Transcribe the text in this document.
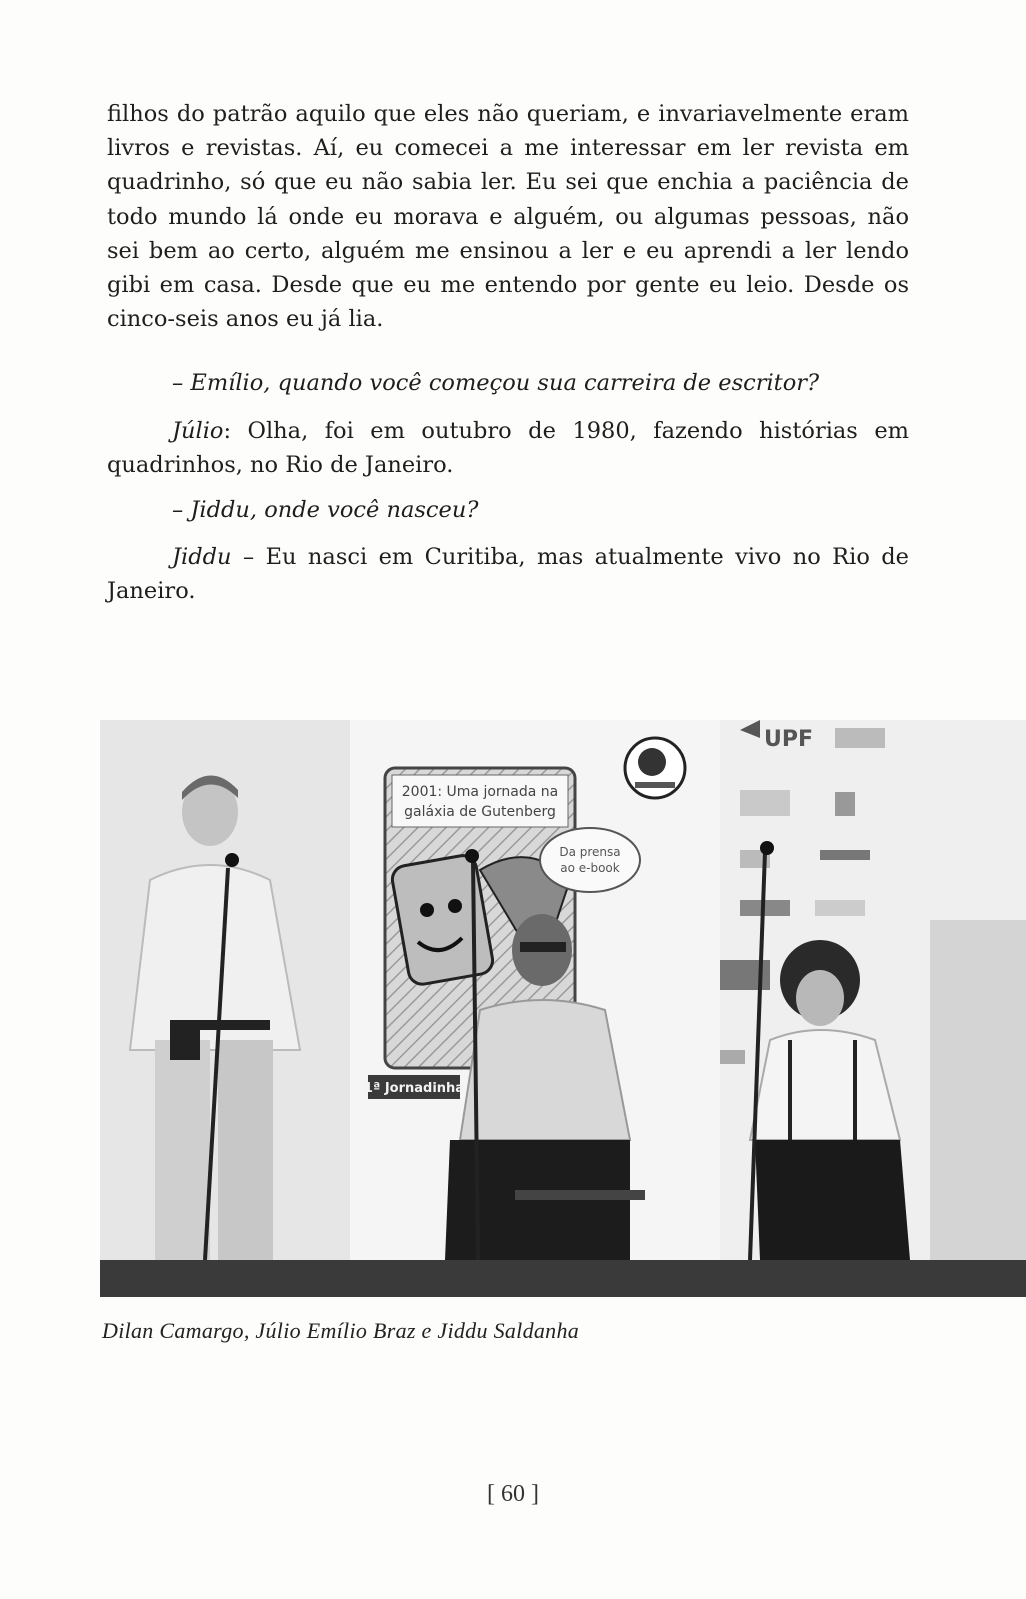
filhos do patrão aquilo que eles não queriam, e invariavelmente eram livros e revistas. Aí, eu comecei a me interessar em ler revista em quadrinho, só que eu não sabia ler. Eu sei que enchia a paciência de todo mundo lá onde eu morava e alguém, ou algumas pessoas, não sei bem ao certo, alguém me ensinou a ler e eu aprendi a ler lendo gibi em casa. Desde que eu me entendo por gente eu leio. Desde os cinco-seis anos eu já lia.

– Emílio, quando você começou sua carreira de escritor?

Júlio: Olha, foi em outubro de 1980, fazendo histórias em quadrinhos, no Rio de Janeiro.

– Jiddu, onde você nasceu?

Jiddu – Eu nasci em Curitiba, mas atualmente vivo no Rio de Janeiro.

2001: Uma jornada na
galáxia de Gutenberg
1ª Jornadinha
Da prensa
ao e-book
UPF
Dilan Camargo, Júlio Emílio Braz e Jiddu Saldanha
[ 60 ]
